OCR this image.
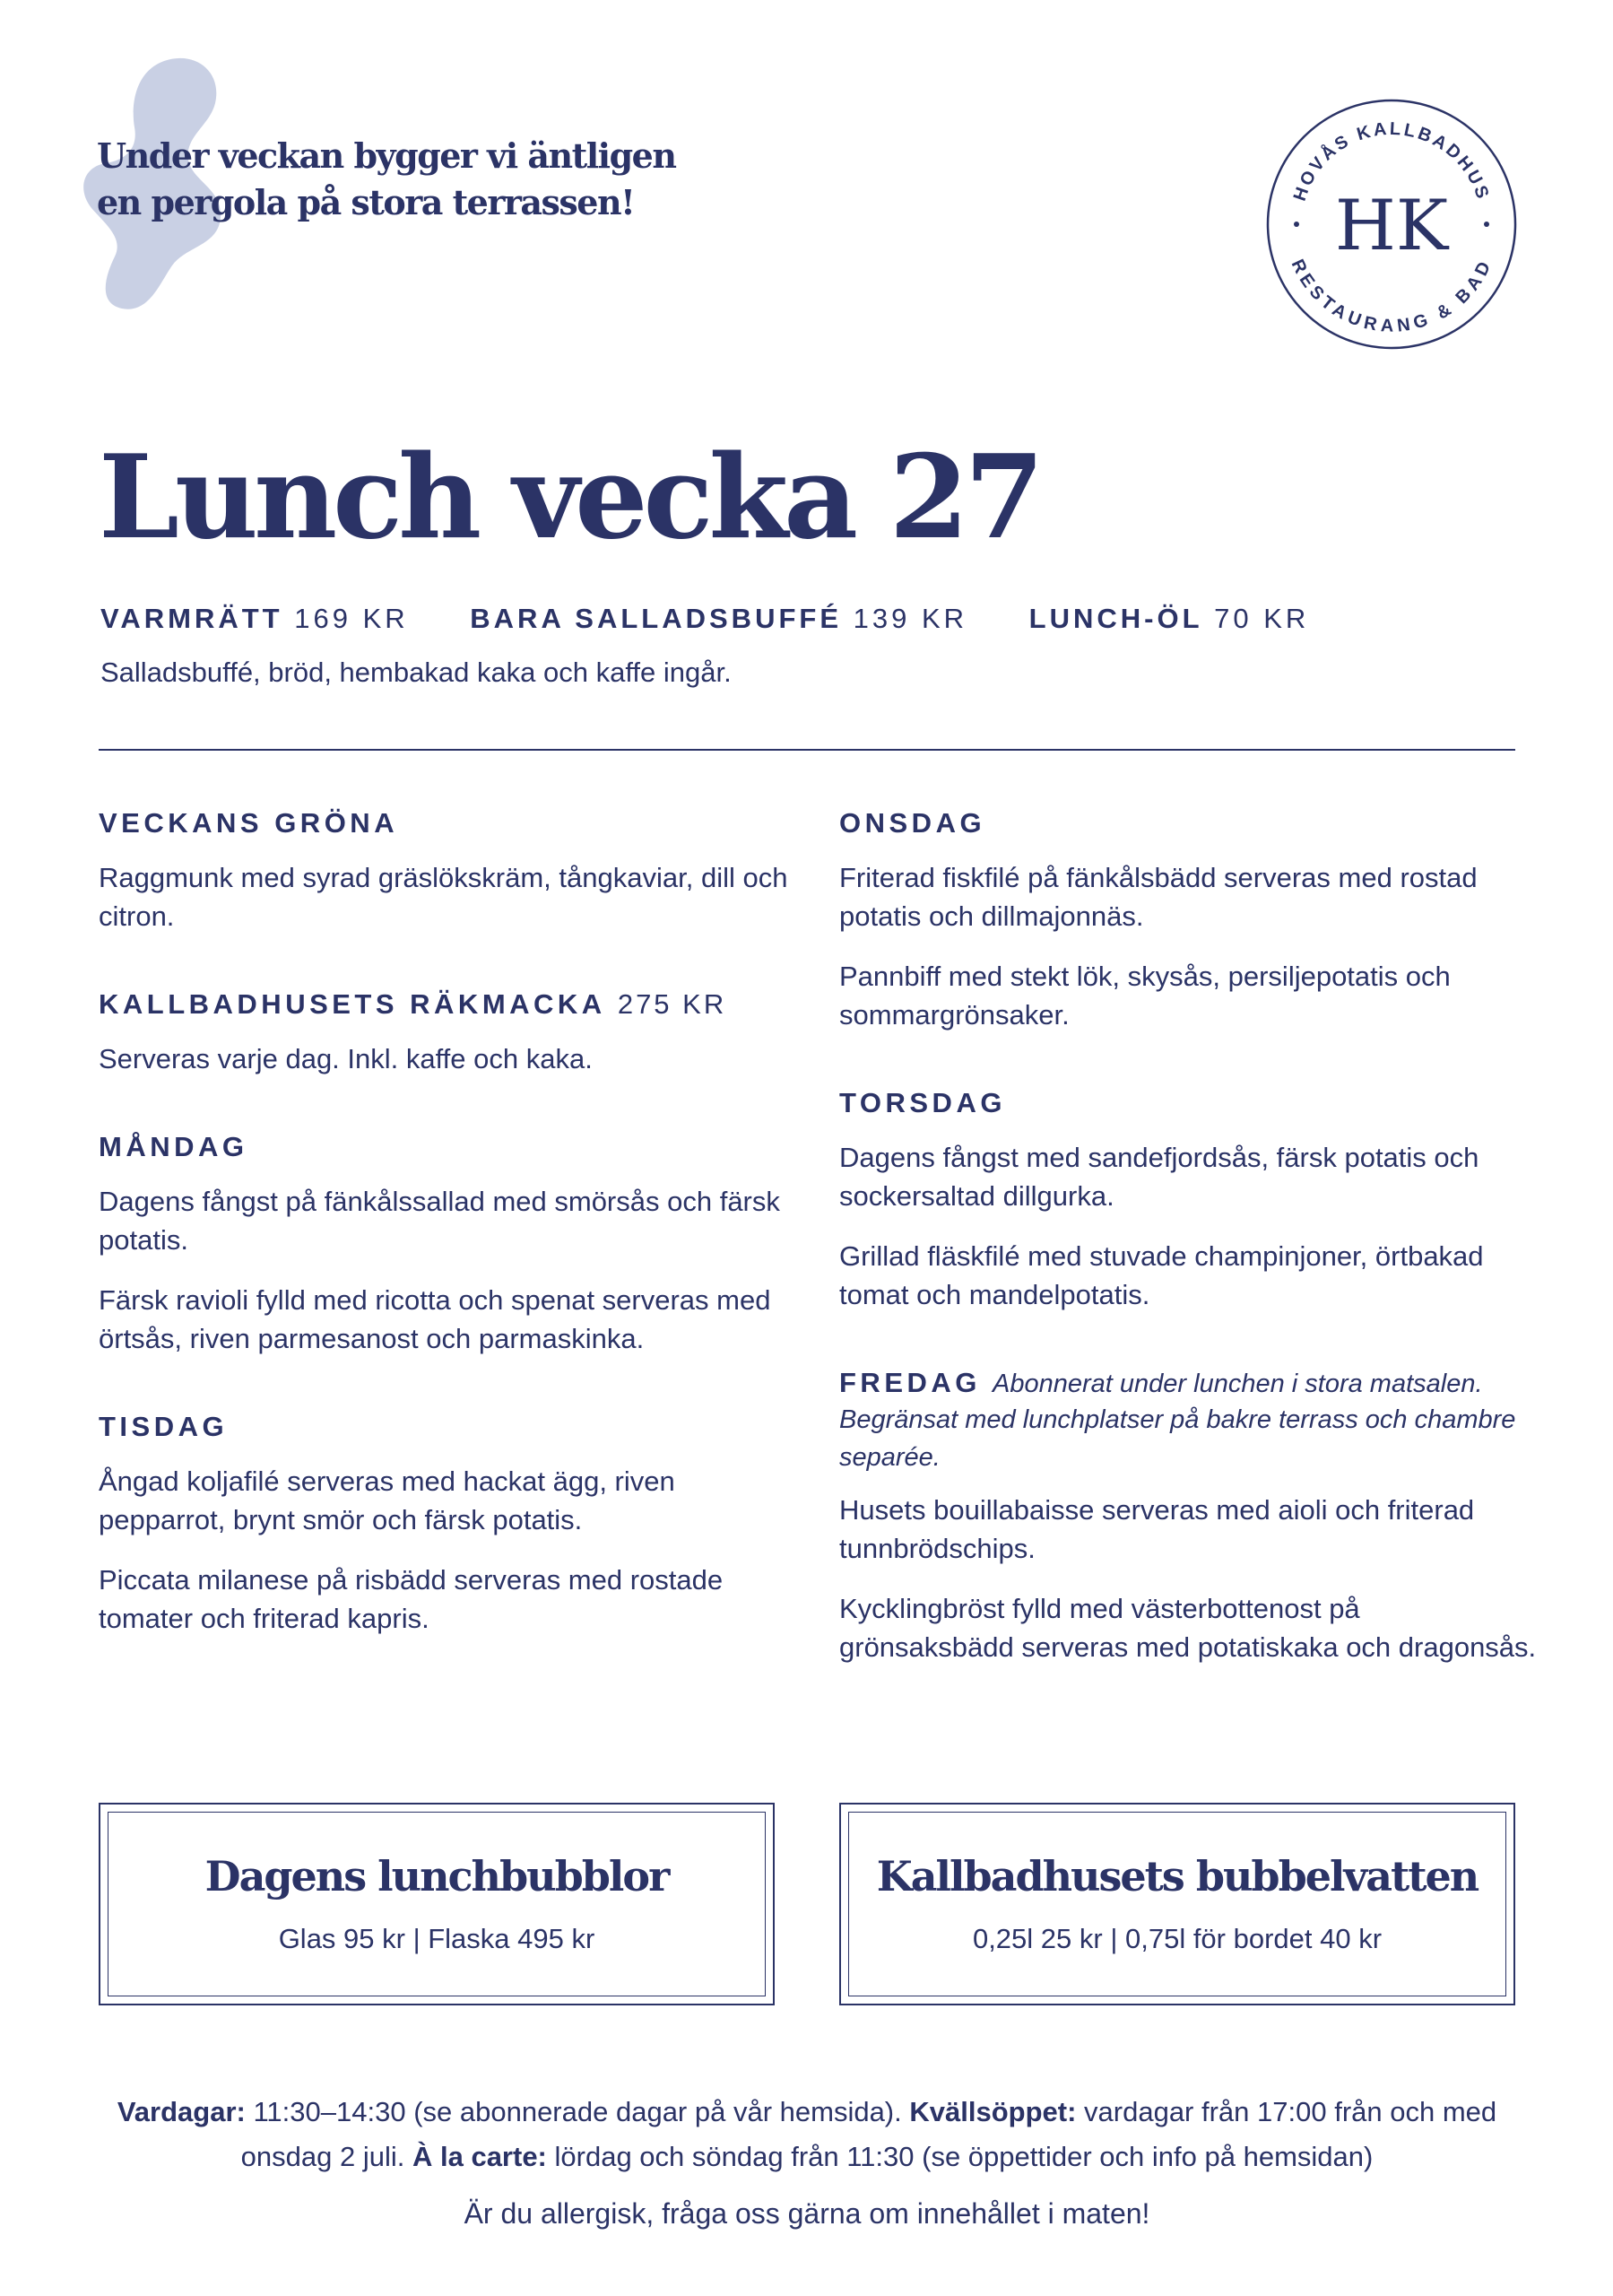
Under veckan bygger vi äntligen
en pergola på stora terrassen!	HOVÅS KALLBADHUS
RESTAURANG & BAD
HK
Lunch vecka 27
VARMRÄTT 169 KR BARA SALLADSBUFFÉ 139 KR LUNCH-ÖL 70 KR
Salladsbuffé, bröd, hembakad kaka och kaffe ingår.
VECKANS GRÖNA
Raggmunk med syrad gräslökskräm, tångkaviar, dill och citron.
KALLBADHUSETS RÄKMACKA 275 KR
Serveras varje dag. Inkl. kaffe och kaka.
MÅNDAG
Dagens fångst på fänkålssallad med smörsås och färsk potatis.
Färsk ravioli fylld med ricotta och spenat serveras med örtsås, riven parmesanost och parmaskinka.
TISDAG
Ångad koljafilé serveras med hackat ägg, riven pepparrot, brynt smör och färsk potatis.
Piccata milanese på risbädd serveras med rostade tomater och friterad kapris.
ONSDAG
Friterad fiskfilé på fänkålsbädd serveras med rostad potatis och dillmajonnäs.
Pannbiff med stekt lök, skysås, persiljepotatis och sommargrönsaker.
TORSDAG
Dagens fångst med sandefjordsås, färsk potatis och sockersaltad dillgurka.
Grillad fläskfilé med stuvade champinjoner, örtbakad tomat och mandelpotatis.
FREDAG Abonnerat under lunchen i stora matsalen.
Begränsat med lunchplatser på bakre terrass och chambre separée.
Husets bouillabaisse serveras med aioli och friterad tunnbrödschips.
Kycklingbröst fylld med västerbottenost på grönsaksbädd serveras med potatiskaka och dragonsås.
Dagens lunchbubblor
Glas 95 kr | Flaska 495 kr
Kallbadhusets bubbelvatten
0,25l 25 kr | 0,75l för bordet 40 kr
Vardagar: 11:30–14:30 (se abonnerade dagar på vår hemsida). Kvällsöppet: vardagar från 17:00 från och med onsdag 2 juli. À la carte: lördag och söndag från 11:30 (se öppettider och info på hemsidan)
Är du allergisk, fråga oss gärna om innehållet i maten!
